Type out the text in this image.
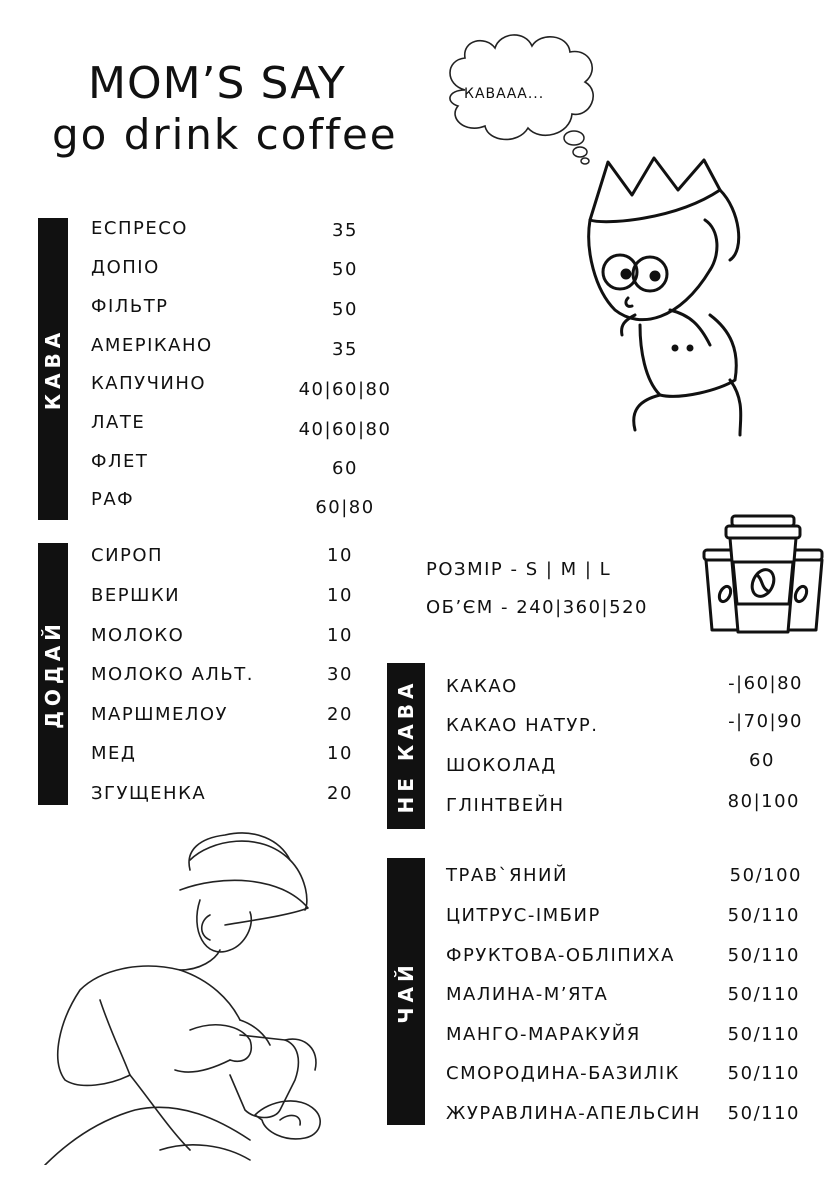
MOM’S SAY
go drink coffee
КАВААА...
КАВА
ЕСПРЕСО	35
ДОПІО	50
ФІЛЬТР	50
АМЕРІКАНО	35
КАПУЧИНО	40|60|80
ЛАТЕ	40|60|80
ФЛЕТ	60
РАФ	60|80
ДОДАЙ
СИРОП	10
ВЕРШКИ	10
МОЛОКО	10
МОЛОКО АЛЬТ.	30
МАРШМЕЛОУ	20
МЕД	10
ЗГУЩЕНКА	20
РОЗМІР - S | M | L
ОБ’ЄМ - 240|360|520
НЕ КАВА КАКАО	-|60|80
КАКАО НАТУР.	-|70|90
ШОКОЛАД	60
ГЛІНТВЕЙН	80|100
ЧАЙ
ТРАВ`ЯНИЙ	50/100
ЦИТРУС-ІМБИР	50/110
ФРУКТОВА-ОБЛІПИХА	50/110
МАЛИНА-М’ЯТА	50/110
МАНГО-МАРАКУЙЯ	50/110
СМОРОДИНА-БАЗИЛІК	50/110
ЖУРАВЛИНА-АПЕЛЬСИН	50/110
